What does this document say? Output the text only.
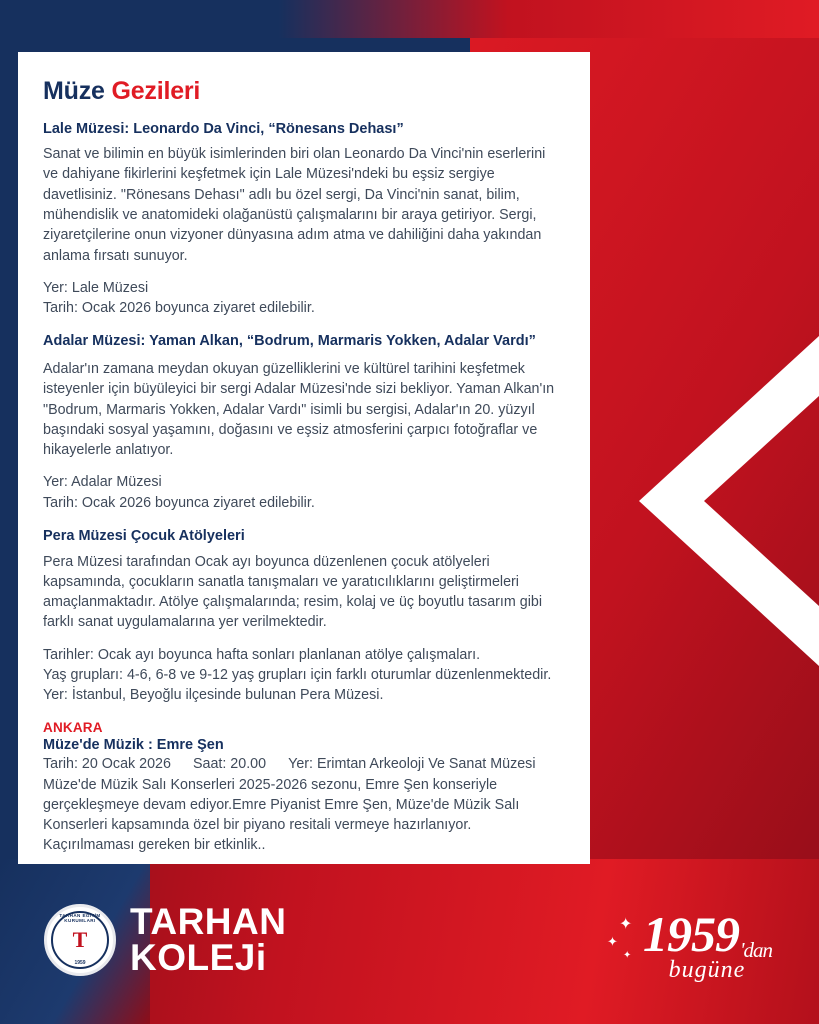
Müze Gezileri
Lale Müzesi: Leonardo Da Vinci, “Rönesans Dehası”

Sanat ve bilimin en büyük isimlerinden biri olan Leonardo Da Vinci'nin eserlerini ve dahiyane fikirlerini keşfetmek için Lale Müzesi'ndeki bu eşsiz sergiye davetlisiniz. "Rönesans Dehası" adlı bu özel sergi, Da Vinci'nin sanat, bilim, mühendislik ve anatomideki olağanüstü çalışmalarını bir araya getiriyor. Sergi, ziyaretçilerine onun vizyoner dünyasına adım atma ve dahiliğini daha yakından anlama fırsatı sunuyor.

Yer: Lale Müzesi
Tarih: Ocak 2026 boyunca ziyaret edilebilir.

Adalar Müzesi: Yaman Alkan, “Bodrum, Marmaris Yokken, Adalar Vardı”

Adalar'ın zamana meydan okuyan güzelliklerini ve kültürel tarihini keşfetmek isteyenler için büyüleyici bir sergi Adalar Müzesi'nde sizi bekliyor. Yaman Alkan'ın "Bodrum, Marmaris Yokken, Adalar Vardı" isimli bu sergisi, Adalar'ın 20. yüzyıl başındaki sosyal yaşamını, doğasını ve eşsiz atmosferini çarpıcı fotoğraflar ve hikayelerle anlatıyor.

Yer: Adalar Müzesi
Tarih: Ocak 2026 boyunca ziyaret edilebilir.

Pera Müzesi Çocuk Atölyeleri

Pera Müzesi tarafından Ocak ayı boyunca düzenlenen çocuk atölyeleri kapsamında, çocukların sanatla tanışmaları ve yaratıcılıklarını geliştirmeleri amaçlanmaktadır. Atölye çalışmalarında; resim, kolaj ve üç boyutlu tasarım gibi farklı sanat uygulamalarına yer verilmektedir.

Tarihler: Ocak ayı boyunca hafta sonları planlanan atölye çalışmaları.
Yaş grupları: 4-6, 6-8 ve 9-12 yaş grupları için farklı oturumlar düzenlenmektedir.
Yer: İstanbul, Beyoğlu ilçesinde bulunan Pera Müzesi.

ANKARA
Müze'de Müzik : Emre Şen
Tarih: 20 Ocak 2026 Saat: 20.00 Yer: Erimtan Arkeoloji Ve Sanat Müzesi
Müze'de Müzik Salı Konserleri 2025-2026 sezonu, Emre Şen konseriyle gerçekleşmeye devam ediyor.Emre Piyanist Emre Şen, Müze'de Müzik Salı Konserleri kapsamında özel bir piyano resitali vermeye hazırlanıyor. Kaçırılmaması gereken bir etkinlik..
TARHAN EĞİTİM KURUMLARI
T
1959
TARHAN
KOLEJi
✦
✦
✦ $1959^{'dan}$
bugüne
